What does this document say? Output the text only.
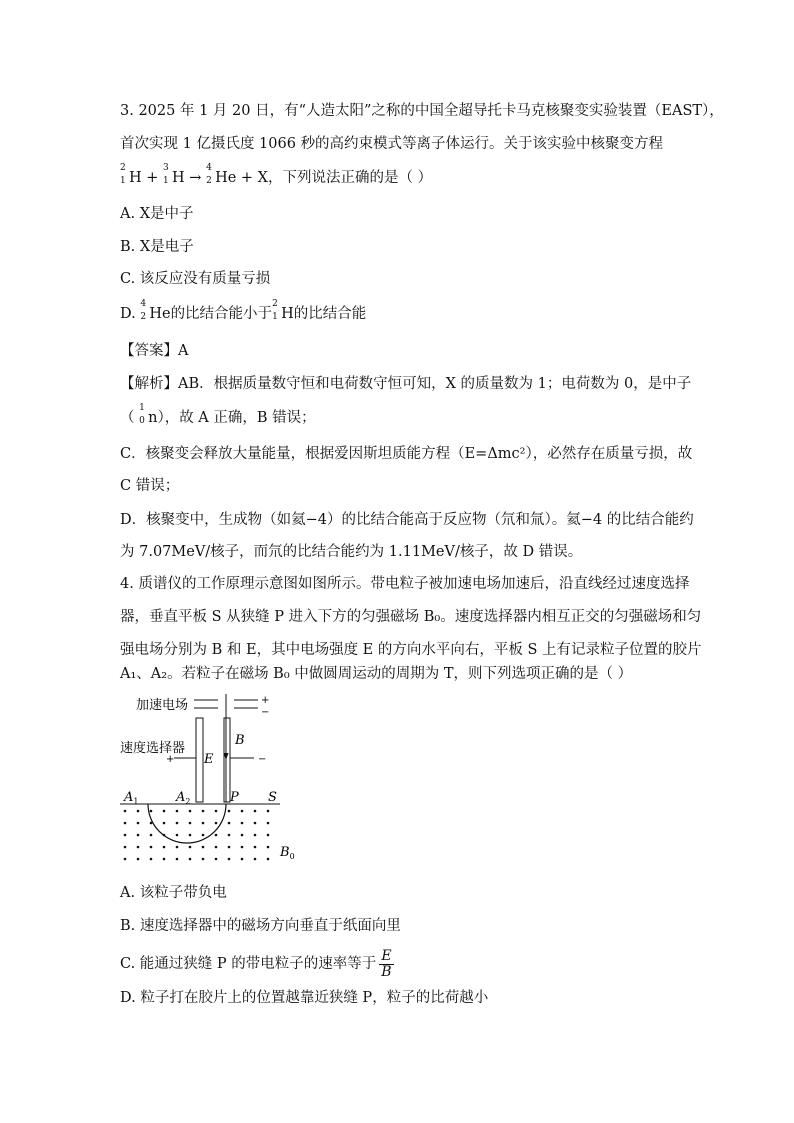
3. 2025 年 1 月 20 日，有“人造太阳”之称的中国全超导托卡马克核聚变实验装置（EAST），
首次实现 1 亿摄氏度 1066 秒的高约束模式等离子体运行。关于该实验中核聚变方程
2
1 H +
3
1 H →
4
2 He + X，下列说法正确的是（ ）
A. X是中子
B. X是电子
C. 该反应没有质量亏损
D.
4
2 He的比结合能小于
2
1 H的比结合能
【答案】A
【解析】AB．根据质量数守恒和电荷数守恒可知，X 的质量数为 1；电荷数为 0，是中子
（
1
0 n），故 A 正确，B 错误；
C．核聚变会释放大量能量，根据爱因斯坦质能方程（E=Δmc²），必然存在质量亏损，故
C 错误；
D．核聚变中，生成物（如氦−4）的比结合能高于反应物（氘和氚）。氦−4 的比结合能约
为 7.07MeV/核子，而氘的比结合能约为 1.11MeV/核子，故 D 错误。
4. 质谱仪的工作原理示意图如图所示。带电粒子被加速电场加速后，沿直线经过速度选择
器，垂直平板 S 从狭缝 P 进入下方的匀强磁场 B₀。速度选择器内相互正交的匀强磁场和匀
强电场分别为 B 和 E，其中电场强度 E 的方向水平向右，平板 S 上有记录粒子位置的胶片
A₁、A₂。若粒子在磁场 B₀ 中做圆周运动的周期为 T，则下列选项正确的是（ ）
加速电场	+
−
速度选择器
+	−
E
B
$A_1$	$A_2$	P S
$B_0$
A. 该粒子带负电
B. 速度选择器中的磁场方向垂直于纸面向里
C. 能通过狭缝 P 的带电粒子的速率等于 $\frac{E}{B}$
D. 粒子打在胶片上的位置越靠近狭缝 P，粒子的比荷越小
